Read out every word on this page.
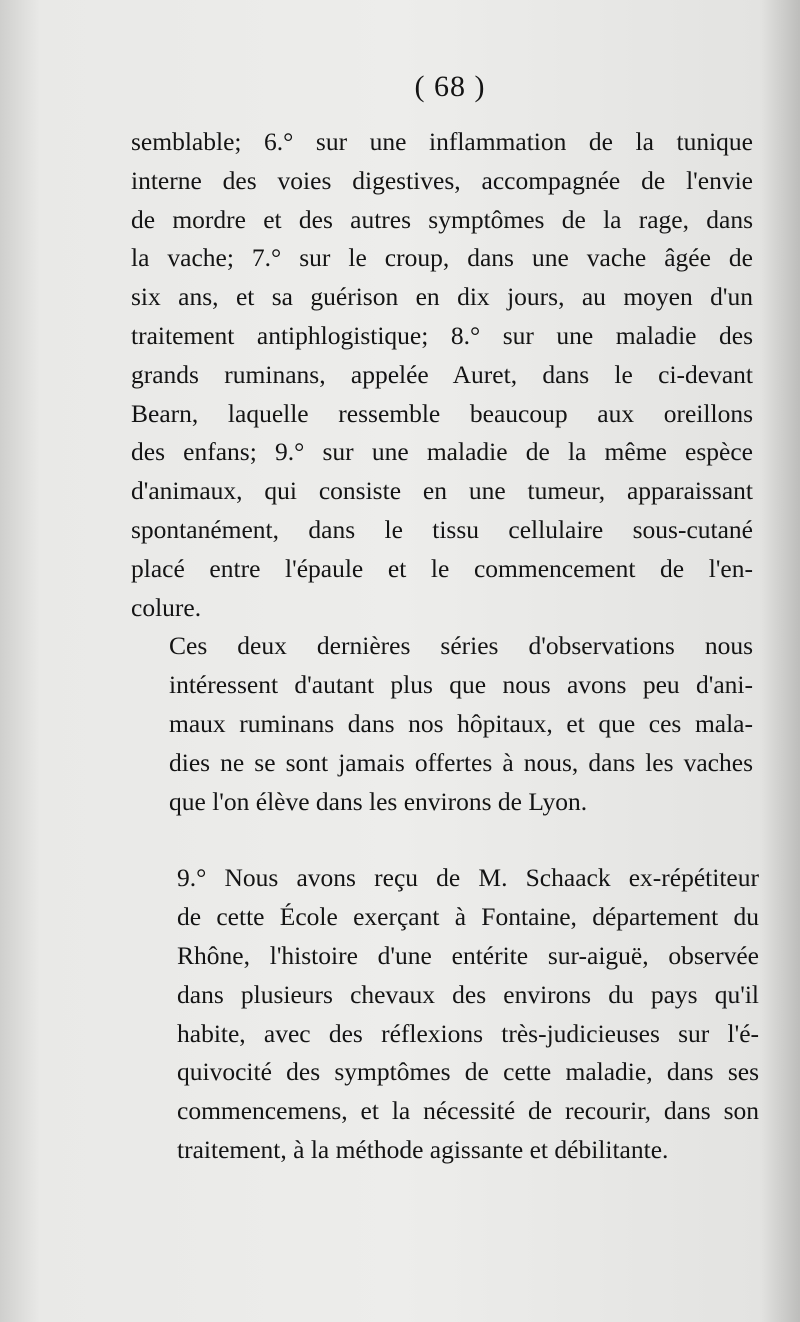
( 68 )

semblable; 6.° sur une inflammation de la tunique
interne des voies digestives, accompagnée de l'envie
de mordre et des autres symptômes de la rage, dans
la vache; 7.° sur le croup, dans une vache âgée de
six ans, et sa guérison en dix jours, au moyen d'un
traitement antiphlogistique; 8.° sur une maladie des
grands ruminans, appelée Auret, dans le ci-devant
Bearn, laquelle ressemble beaucoup aux oreillons
des enfans; 9.° sur une maladie de la même espèce
d'animaux, qui consiste en une tumeur, apparaissant
spontanément, dans le tissu cellulaire sous-cutané
placé entre l'épaule et le commencement de l'en-
colure.

Ces deux dernières séries d'observations nous
intéressent d'autant plus que nous avons peu d'ani-
maux ruminans dans nos hôpitaux, et que ces mala-
dies ne se sont jamais offertes à nous, dans les vaches
que l'on élève dans les environs de Lyon.

9.° Nous avons reçu de M. Schaack ex-répétiteur
de cette École exerçant à Fontaine, département du
Rhône, l'histoire d'une entérite sur-aiguë, observée
dans plusieurs chevaux des environs du pays qu'il
habite, avec des réflexions très-judicieuses sur l'é-
quivocité des symptômes de cette maladie, dans ses
commencemens, et la nécessité de recourir, dans son
traitement, à la méthode agissante et débilitante.
